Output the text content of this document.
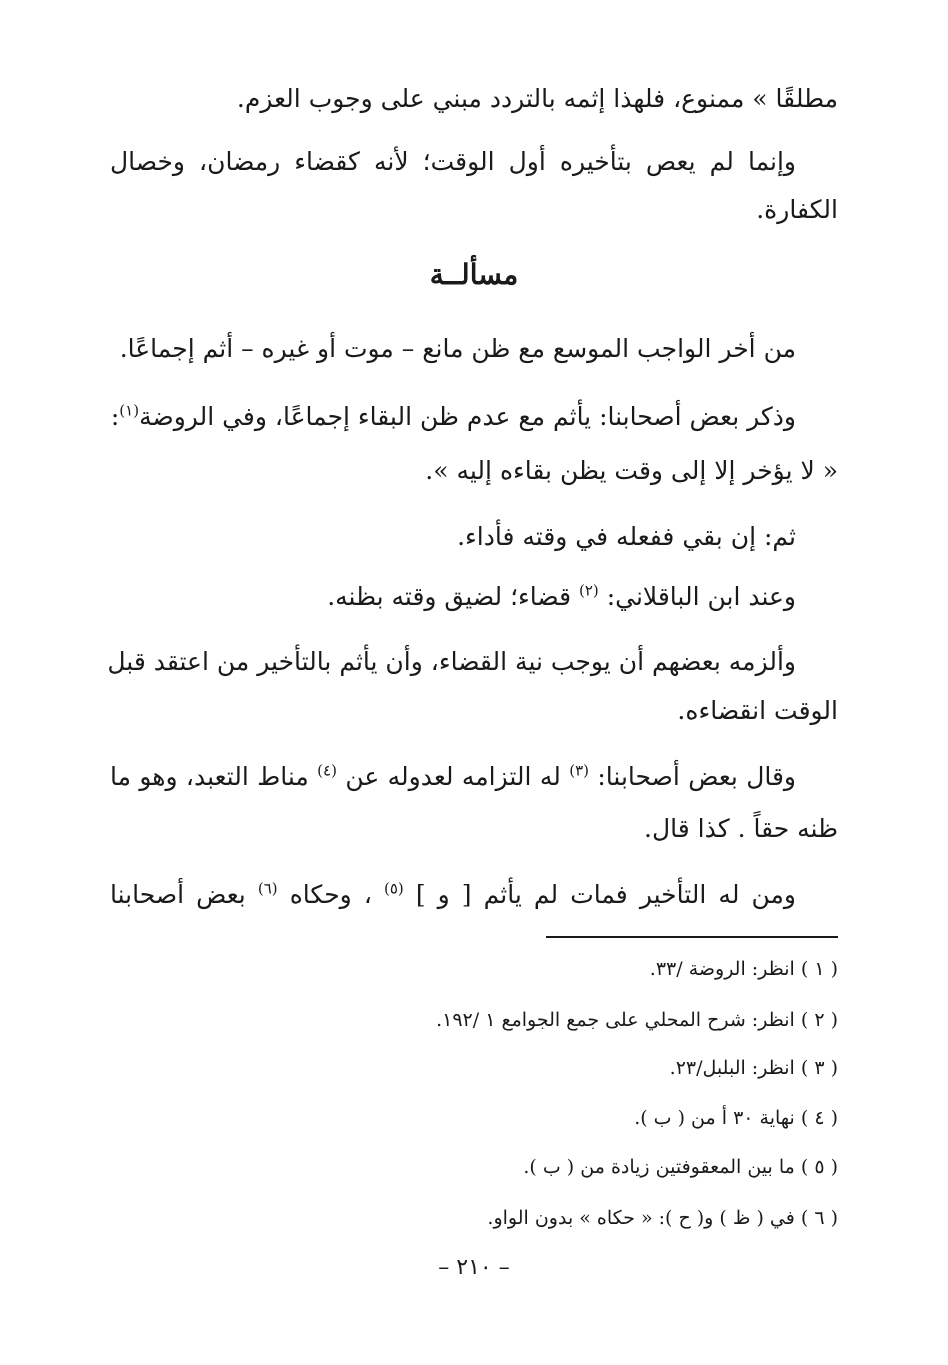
مطلقًا » ممنوع، فلهذا إثمه بالتردد مبني على وجوب العزم.
وإنما لم يعص بتأخيره أول الوقت؛ لأنه كقضاء رمضان، وخصال
الكفارة.
مسألــة
من أخر الواجب الموسع مع ظن مانع – موت أو غيره – أثم إجماعًا.
وذكر بعض أصحابنا: يأثم مع عدم ظن البقاء إجماعًا، وفي الروضة$^{(١)}$:
« لا يؤخر إلا إلى وقت يظن بقاءه إليه ».
ثم: إن بقي ففعله في وقته فأداء.
وعند ابن الباقلاني: $^{(٢)}$ قضاء؛ لضيق وقته بظنه.
وألزمه بعضهم أن يوجب نية القضاء، وأن يأثم بالتأخير من اعتقد قبل
الوقت انقضاءه.
وقال بعض أصحابنا: $^{(٣)}$ له التزامه لعدوله عن $^{(٤)}$ مناط التعبد، وهو ما
ظنه حقاً . كذا قال.
ومن له التأخير فمات لم يأثم [ و ] $^{(٥)}$ ، وحكاه $^{(٦)}$ بعض أصحابنا
( ١ ) انظر: الروضة /٣٣.
( ٢ ) انظر: شرح المحلي على جمع الجوامع ١ /١٩٢.
( ٣ ) انظر: البلبل/٢٣.
( ٤ ) نهاية ٣٠ أ من ( ب ).
( ٥ ) ما بين المعقوفتين زيادة من ( ب ).
( ٦ ) في ( ظ ) و( ح ): « حكاه » بدون الواو.
– ٢١٠ –
